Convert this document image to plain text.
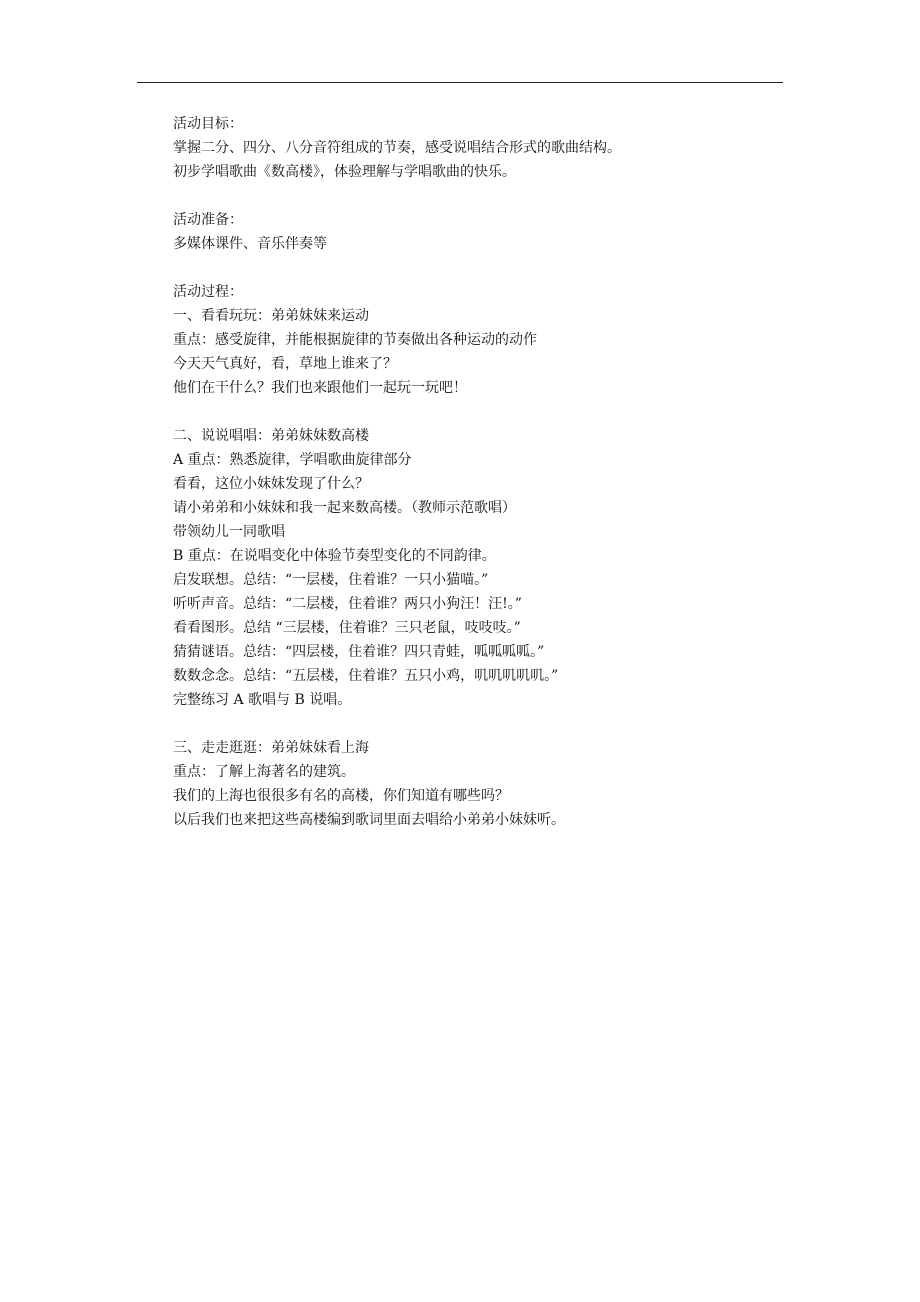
活动目标：

掌握二分、四分、八分音符组成的节奏，感受说唱结合形式的歌曲结构。

初步学唱歌曲《数高楼》，体验理解与学唱歌曲的快乐。

活动准备：

多媒体课件、音乐伴奏等

活动过程：

一、看看玩玩：弟弟妹妹来运动

重点：感受旋律，并能根据旋律的节奏做出各种运动的动作

今天天气真好，看，草地上谁来了？

他们在干什么？我们也来跟他们一起玩一玩吧！

二、说说唱唱：弟弟妹妹数高楼

A 重点：熟悉旋律，学唱歌曲旋律部分

看看，这位小妹妹发现了什么？

请小弟弟和小妹妹和我一起来数高楼。（教师示范歌唱）

带领幼儿一同歌唱

B 重点：在说唱变化中体验节奏型变化的不同韵律。

启发联想。总结：“一层楼，住着谁？一只小猫喵。”

听听声音。总结：“二层楼，住着谁？两只小狗汪！汪!。”

看看图形。总结 “三层楼，住着谁？三只老鼠，吱吱吱。”

猜猜谜语。总结：“四层楼，住着谁？四只青蛙，呱呱呱呱。”

数数念念。总结：“五层楼，住着谁？五只小鸡，叽叽叽叽叽。”

完整练习 A 歌唱与 B 说唱。

三、走走逛逛：弟弟妹妹看上海

重点：了解上海著名的建筑。

我们的上海也很很多有名的高楼，你们知道有哪些吗？

以后我们也来把这些高楼编到歌词里面去唱给小弟弟小妹妹听。
